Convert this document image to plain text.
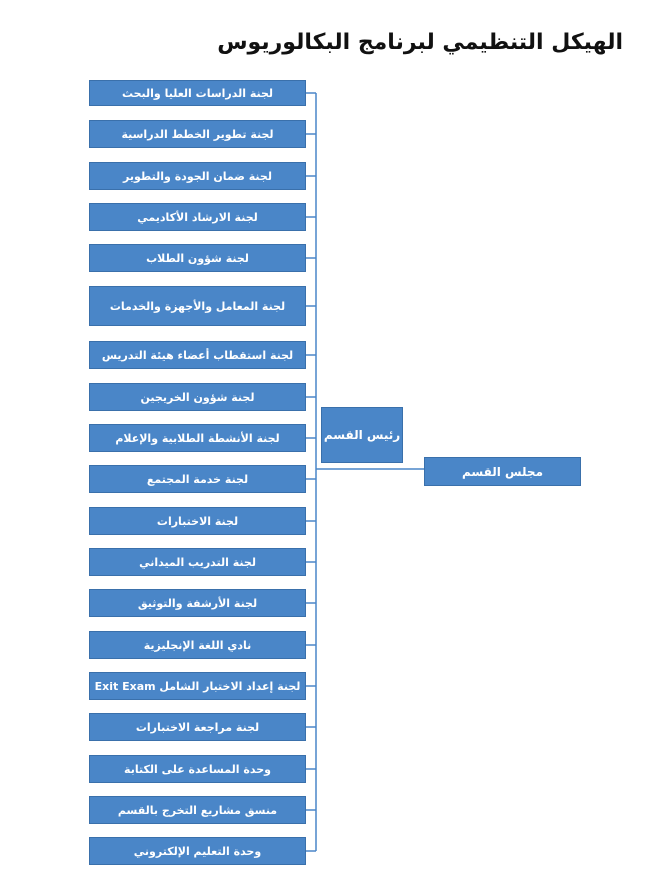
الهيكل التنظيمي لبرنامج البكالوريوس
لجنة الدراسات العليا والبحث
لجنة تطوير الخطط الدراسية
لجنة ضمان الجودة والتطوير
لجنة الارشاد الأكاديمي
لجنة شؤون الطلاب
لجنة المعامل والأجهزة والخدمات
لجنة استقطاب أعضاء هيئة التدريس
لجنة شؤون الخريجين
لجنة الأنشطة الطلابية والإعلام
لجنة خدمة المجتمع
لجنة الاختبارات
لجنة التدريب الميداني
لجنة الأرشفة والتوثيق
نادي اللغة الإنجليزية
لجنة إعداد الاختبار الشامل Exit Exam
لجنة مراجعة الاختبارات
وحدة المساعدة على الكتابة
منسق مشاريع التخرج بالقسم
وحدة التعليم الإلكتروني
رئيس القسم
مجلس القسم
